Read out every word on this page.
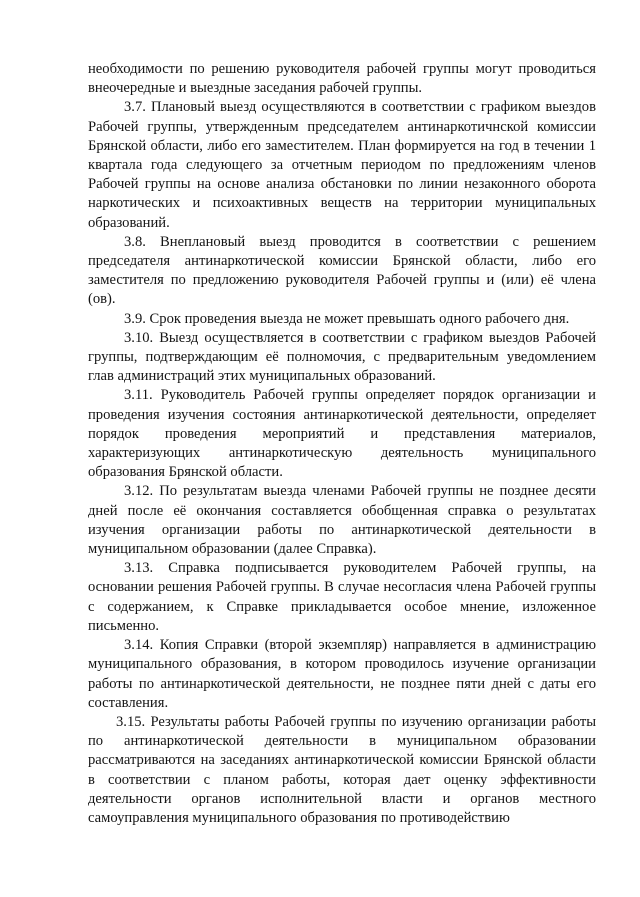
необходимости по решению руководителя рабочей группы могут проводиться внеочередные и выездные заседания рабочей группы.

3.7. Плановый выезд осуществляются в соответствии с графиком выездов Рабочей группы, утвержденным председателем антинаркотичнской комиссии Брянской области, либо его заместителем. План формируется на год в течении 1 квартала года следующего за отчетным периодом по предложениям членов Рабочей группы на основе анализа обстановки по линии незаконного оборота наркотических и психоактивных веществ на территории муниципальных образований.

3.8. Внеплановый выезд проводится в соответствии с решением председателя антинаркотической комиссии Брянской области, либо его заместителя по предложению руководителя Рабочей группы и (или) её члена (ов).

3.9. Срок проведения выезда не может превышать одного рабочего дня.

3.10. Выезд осуществляется в соответствии с графиком выездов Рабочей группы, подтверждающим её полномочия, с предварительным уведомлением глав администраций этих муниципальных образований.

3.11. Руководитель Рабочей группы определяет порядок организации и проведения изучения состояния антинаркотической деятельности, определяет порядок проведения мероприятий и представления материалов, характеризующих антинаркотическую деятельность муниципального образования Брянской области.

3.12. По результатам выезда членами Рабочей группы не позднее десяти дней после её окончания составляется обобщенная справка о результатах изучения организации работы по антинаркотической деятельности в муниципальном образовании (далее Справка).

3.13. Справка подписывается руководителем Рабочей группы, на основании решения Рабочей группы. В случае несогласия члена Рабочей группы с содержанием, к Справке прикладывается особое мнение, изложенное письменно.

3.14. Копия Справки (второй экземпляр) направляется в администрацию муниципального образования, в котором проводилось изучение организации работы по антинаркотической деятельности, не позднее пяти дней с даты его составления.

3.15. Результаты работы Рабочей группы по изучению организации работы по антинаркотической деятельности в муниципальном образовании рассматриваются на заседаниях антинаркотической комиссии Брянской области в соответствии с планом работы, которая дает оценку эффективности деятельности органов исполнительной власти и органов местного самоуправления муниципального образования по противодействию
